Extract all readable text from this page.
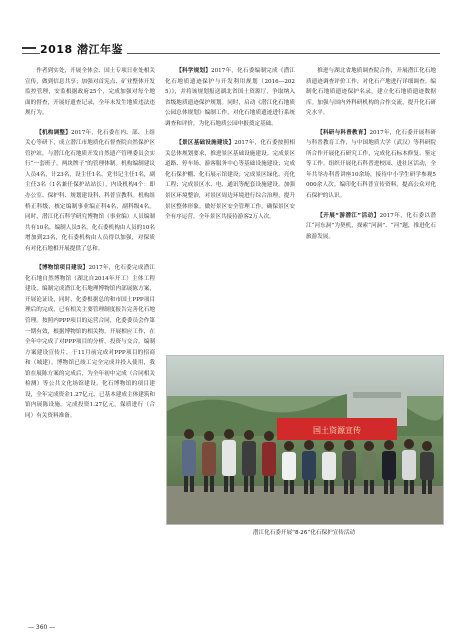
2018 潜江年鉴

作者到实处，开展全体会、国土专项日业处相关宣传，做到信息共享；加强对首宪点、矿业整体开发监控管理，安监根据政府25个，完成加强对每个地面的督查，开展好遗查记录，全年未发生地质违法违规行为。

【机构调整】2017年，化石委在内、部、上组关心等研下，成立潜江市地质化石督查院自然保护区管护站，与潜江化石地质开发自然遗产管理委员会实行“一套班子，两块牌子”的管理体制。机构编制建议人员4名，计23名，设主任1名、党书记主任1名，副主任3名（1名兼任保护站站长），内设机构4个：即办公室、保护科、规划建设科、科普宣教科。机构组桥正科级，核定编制事业编正科4名，副科级4名。同时，潜江化石科学研究博物馆（事业编）人员编制共有10名，编制人员5名，化石委机构由人员的10名增加到23名，化石委机构由人员得以加强，对保质有对化石地相开展提供了总和。

【博物馆项目建设】2017年，化石委完成潜江化石地自然博物馆（湖北自2014年开工）主体工程建设，编制完成潜江化石地理博物馆内部展陈方案，开展论证设，同时，化委根据总的和市国土PPP项目理后的完成，已有相关主要管理制度报告完善化石地管理。按照内PPP项目的运营合同，化委委员会作第一期有效，根据博物馆的相关物，开展相应工作，在全年中完成了对PPP项目的分析，投资与交合，编制方案建设宣传片，于11月前完成对PPP项目的招商和（城建），博物馆已竣工完全完成并投入使用，我馆在展陈方案的完成后，为全年初中完成（合同相关检测）等公共文化场馆建设。化石博物馆的项目建设，全年完成资金1.27亿元，已基本建成主体建筑和馆内展陈设施。完成投资1.27亿元，保质进行（合同）有关资料准备。

【科学规划】2017年，化石委编制完成《潜江化石地质遗迹保护与开发利用规划（2016—2025）》，并将该规划报送湖北省国土资源厅，争取纳入省级地质遗迹保护规划。同时，启动《潜江化石地质公园总体规划》编制工作，对化石地质遗迹进行系统调查和评价，为化石地质公园申报奠定基础。

【景区基础设施建设】2017年，化石委按照相关总体规划要求，推进景区基础设施建设。完成景区道路、停车场、游客服务中心等基础设施建设；完成化石保护棚、化石展示馆建设；完成景区绿化、亮化工程；完成景区水、电、通讯等配套设施建设。加强景区环境整治，对景区周边环境进行综合治理，提升景区整体形象。做好景区安全管理工作，确保景区安全有序运营。全年景区共接待游客2万人次。

推进与湖北省地质调查院合作，开展潜江化石地质遗迹调查评价工作，对化石产地进行详细调查。编制化石地质遗迹保护名录，建立化石地质遗迹数据库。加强与国内外科研机构的合作交流，提升化石研究水平。

【科研与科普教育】2017年，化石委开展科研与科普教育工作，与中国地质大学（武汉）等科研院所合作开展化石研究工作，完成化石标本修复、鉴定等工作。组织开展化石科普进校园、进社区活动，全年共举办科普讲座10余场，接待中小学生研学参观5000余人次。编印化石科普宣传资料，提高公众对化石保护的认识。

【开展“游潜江”活动】2017年，化石委以潜江“河东洞”为契机，探索“河洞”、“河”题，推进化石旅游发展。

国土资源宣传
潜江化石委开展“8·26”化石保护宣传活动
— 360 —
